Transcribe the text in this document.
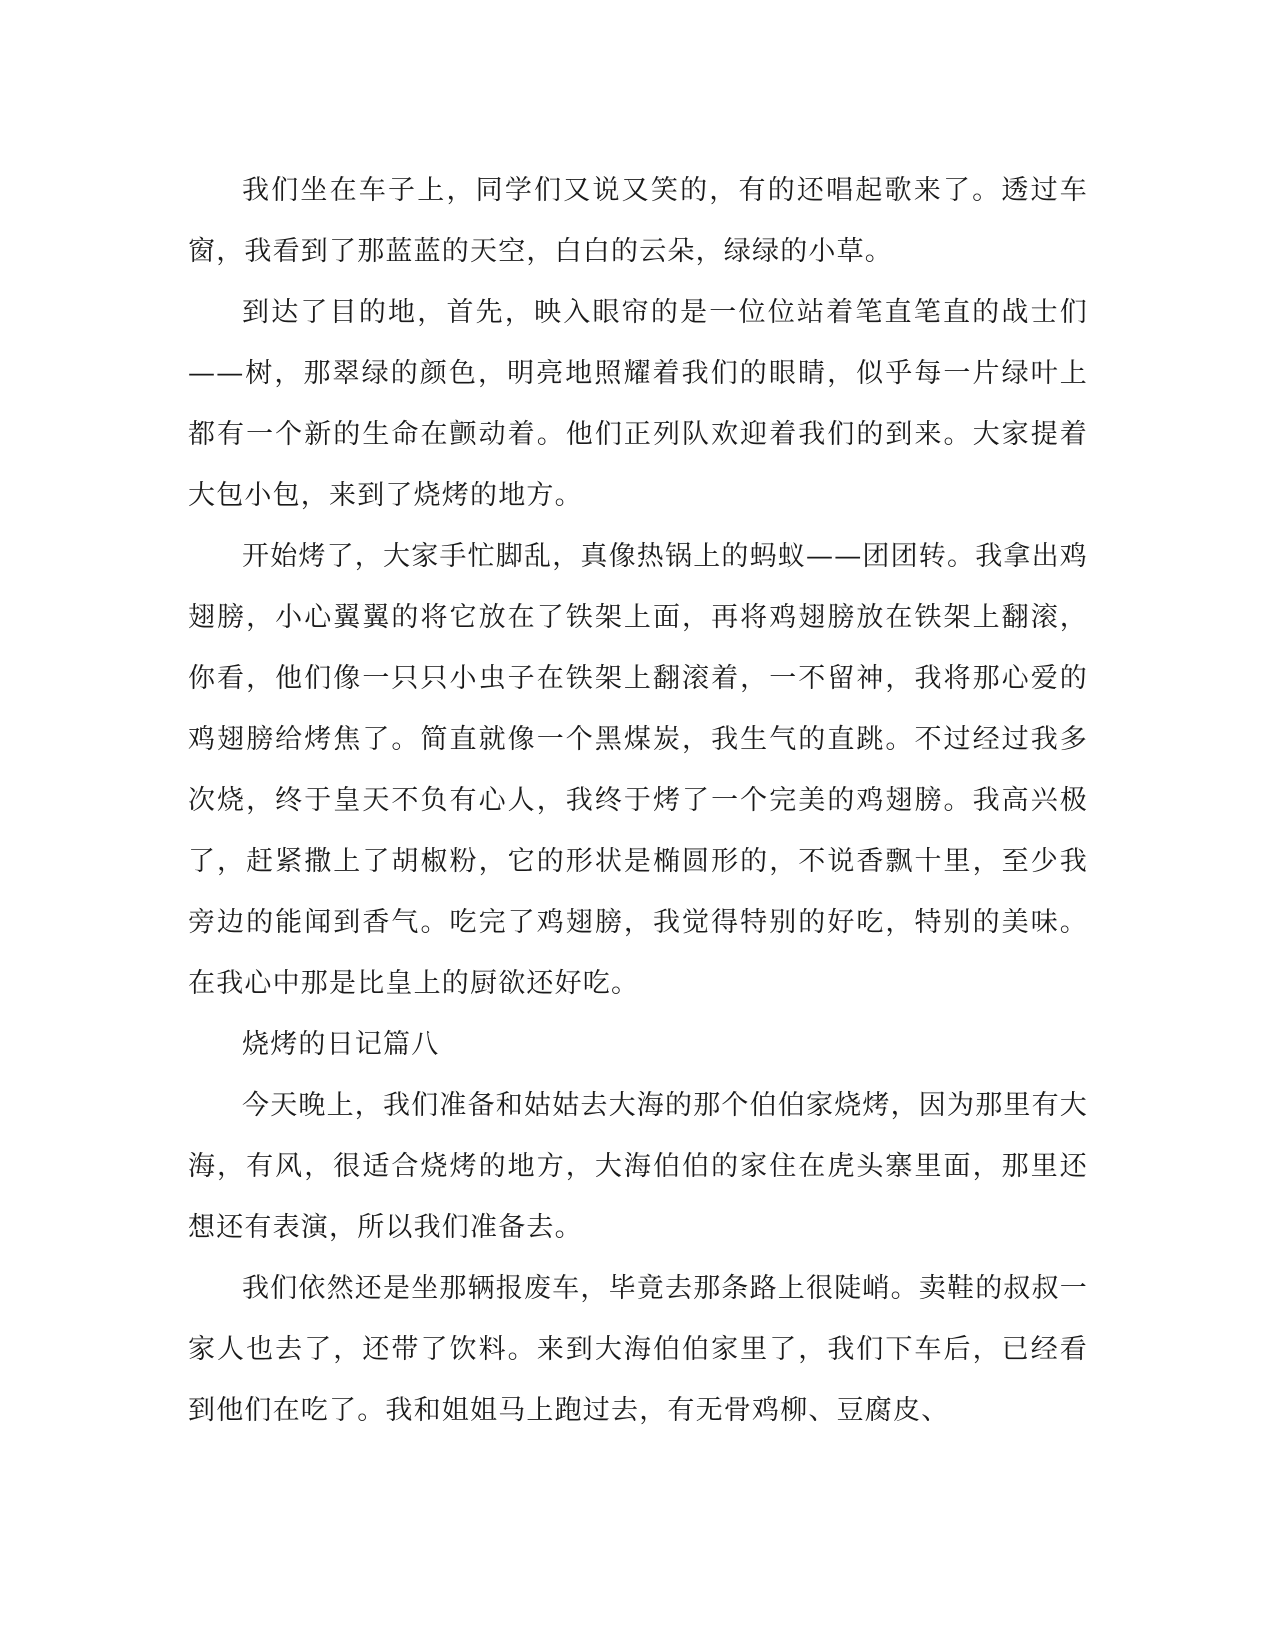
我们坐在车子上，同学们又说又笑的，有的还唱起歌来了。透过车窗，我看到了那蓝蓝的天空，白白的云朵，绿绿的小草。

到达了目的地，首先，映入眼帘的是一位位站着笔直笔直的战士们——树，那翠绿的颜色，明亮地照耀着我们的眼睛，似乎每一片绿叶上都有一个新的生命在颤动着。他们正列队欢迎着我们的到来。大家提着大包小包，来到了烧烤的地方。

开始烤了，大家手忙脚乱，真像热锅上的蚂蚁——团团转。我拿出鸡翅膀，小心翼翼的将它放在了铁架上面，再将鸡翅膀放在铁架上翻滚，你看，他们像一只只小虫子在铁架上翻滚着，一不留神，我将那心爱的鸡翅膀给烤焦了。简直就像一个黑煤炭，我生气的直跳。不过经过我多次烧，终于皇天不负有心人，我终于烤了一个完美的鸡翅膀。我高兴极了，赶紧撒上了胡椒粉，它的形状是椭圆形的，不说香飘十里，至少我旁边的能闻到香气。吃完了鸡翅膀，我觉得特别的好吃，特别的美味。在我心中那是比皇上的厨欲还好吃。

烧烤的日记篇八

今天晚上，我们准备和姑姑去大海的那个伯伯家烧烤，因为那里有大海，有风，很适合烧烤的地方，大海伯伯的家住在虎头寨里面，那里还想还有表演，所以我们准备去。

我们依然还是坐那辆报废车，毕竟去那条路上很陡峭。卖鞋的叔叔一家人也去了，还带了饮料。来到大海伯伯家里了，我们下车后，已经看到他们在吃了。我和姐姐马上跑过去，有无骨鸡柳、豆腐皮、
